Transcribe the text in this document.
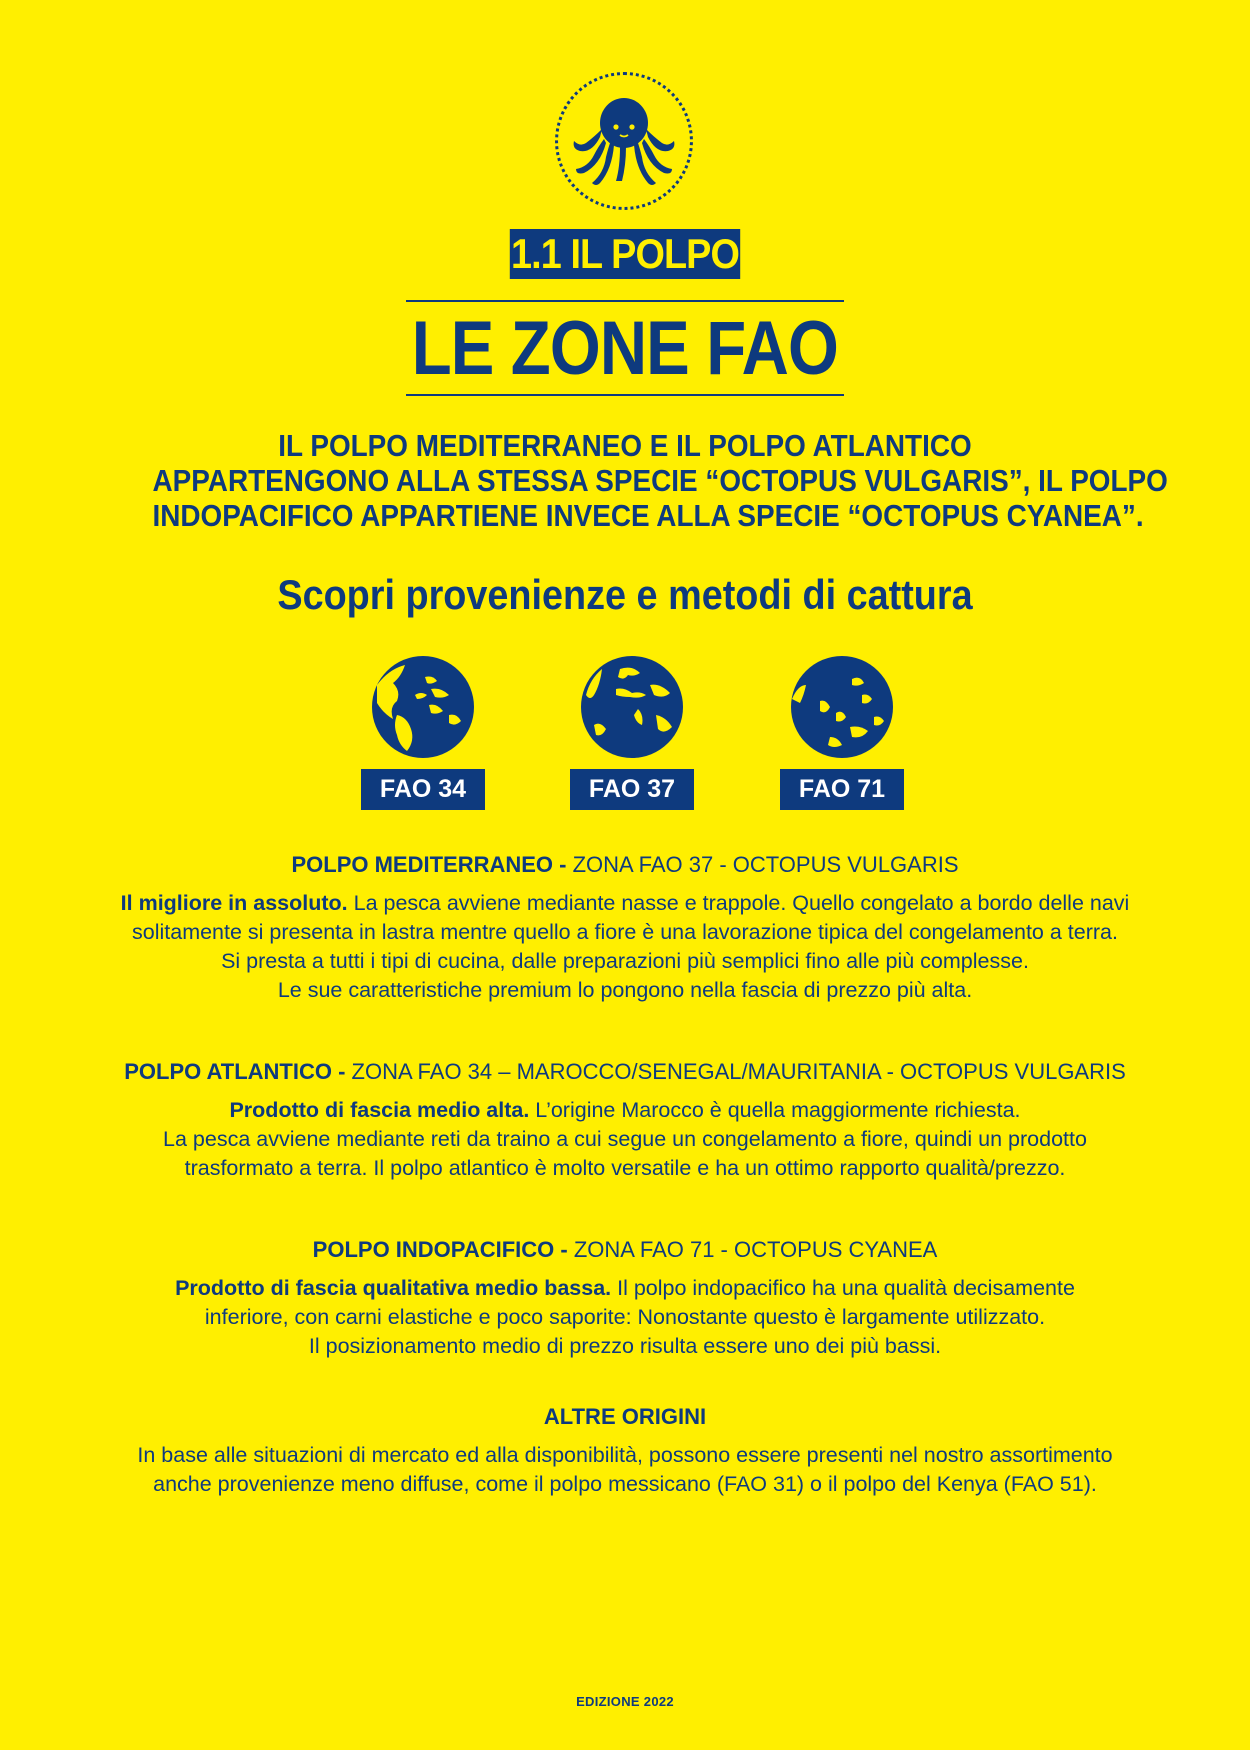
1.1 IL POLPO
LE ZONE FAO
IL POLPO MEDITERRANEO E IL POLPO ATLANTICO
APPARTENGONO ALLA STESSA SPECIE “OCTOPUS VULGARIS”, IL POLPO
INDOPACIFICO APPARTIENE INVECE ALLA SPECIE “OCTOPUS CYANEA”.
Scopri provenienze e metodi di cattura
FAO 34	FAO 37	FAO 71
POLPO MEDITERRANEO - ZONA FAO 37 - OCTOPUS VULGARIS
Il migliore in assoluto. La pesca avviene mediante nasse e trappole. Quello congelato a bordo delle navi
solitamente si presenta in lastra mentre quello a fiore è una lavorazione tipica del congelamento a terra.
Si presta a tutti i tipi di cucina, dalle preparazioni più semplici fino alle più complesse.
Le sue caratteristiche premium lo pongono nella fascia di prezzo più alta.
POLPO ATLANTICO - ZONA FAO 34 – MAROCCO/SENEGAL/MAURITANIA - OCTOPUS VULGARIS
Prodotto di fascia medio alta. L’origine Marocco è quella maggiormente richiesta.
La pesca avviene mediante reti da traino a cui segue un congelamento a fiore, quindi un prodotto
trasformato a terra. Il polpo atlantico è molto versatile e ha un ottimo rapporto qualità/prezzo.
POLPO INDOPACIFICO - ZONA FAO 71 - OCTOPUS CYANEA
Prodotto di fascia qualitativa medio bassa. Il polpo indopacifico ha una qualità decisamente
inferiore, con carni elastiche e poco saporite: Nonostante questo è largamente utilizzato.
Il posizionamento medio di prezzo risulta essere uno dei più bassi.
ALTRE ORIGINI
In base alle situazioni di mercato ed alla disponibilità, possono essere presenti nel nostro assortimento
anche provenienze meno diffuse, come il polpo messicano (FAO 31) o il polpo del Kenya (FAO 51).
EDIZIONE 2022
